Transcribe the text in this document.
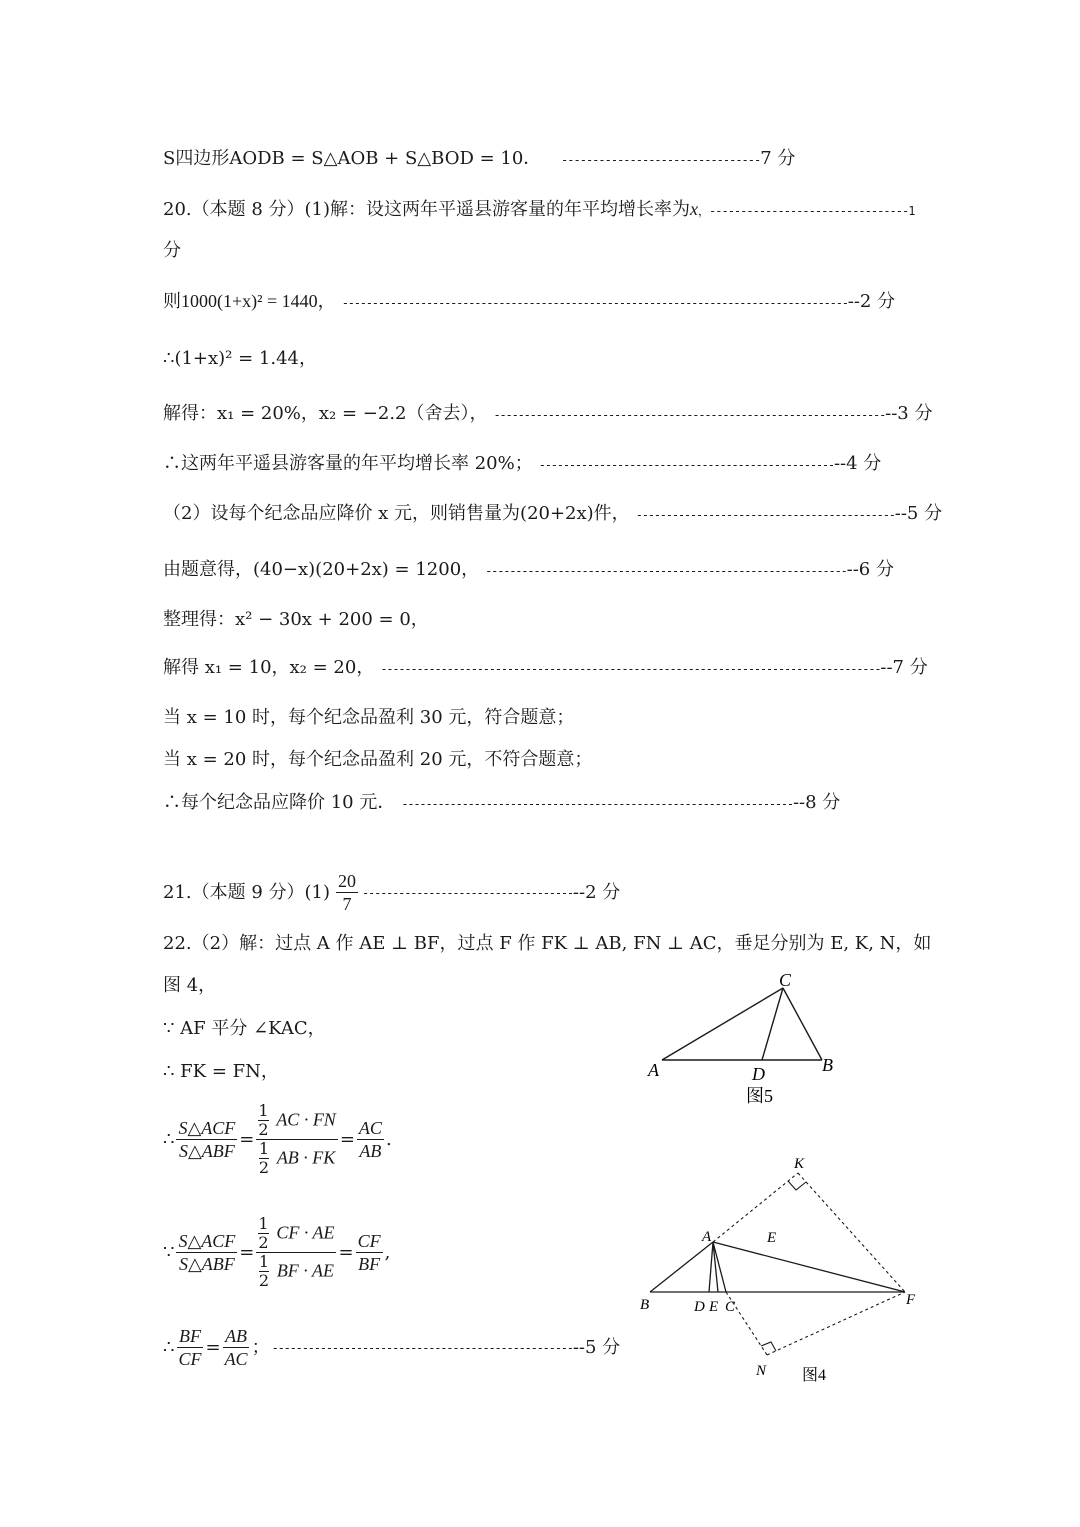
S四边形AODB = S△AOB + S△BOD = 10． --------------------------------7 分
20.（本题 8 分）(1)解：设这两年平遥县游客量的年平均增长率为x，--------------------------------1
分
则1000(1+x)² = 1440， --------------------------------------------------------------------------------------2 分
∴(1+x)² = 1.44，
解得：x₁ = 20%，x₂ = −2.2（舍去）， -------------------------------------------------------------------3 分
∴这两年平遥县游客量的年平均增长率 20%； ---------------------------------------------------4 分
（2）设每个纪念品应降价 x 元，则销售量为(20+2x)件， ---------------------------------------------5 分
由题意得，(40−x)(20+2x) = 1200， --------------------------------------------------------------6 分
整理得：x² − 30x + 200 = 0，
解得 x₁ = 10，x₂ = 20， -------------------------------------------------------------------------------------7 分
当 x = 10 时，每个纪念品盈利 30 元，符合题意；
当 x = 20 时，每个纪念品盈利 20 元，不符合题意；
∴每个纪念品应降价 10 元． -------------------------------------------------------------------8 分
21.（本题 9 分）$(1) \frac{20}{7}$ ----------------------------------- --2 分
22.（2）解：过点 A 作 AE ⊥ BF，过点 F 作 FK ⊥ AB, FN ⊥ AC，垂足分别为 E, K, N，如
图 4，
∵ AF 平分 ∠KAC，
∴ FK = FN，
∴ $\frac{\text{S△ACF}}{\text{S△ABF}} = \frac{\frac{1}{2} AC \cdot FN}{\frac{1}{2} AB \cdot FK} = \frac{AC}{AB}$ .
∵ $\frac{\text{S△ACF}}{\text{S△ABF}} = \frac{\frac{1}{2} CF \cdot AE}{\frac{1}{2} BF \cdot AE} = \frac{CF}{BF}$ ,
∴ $\frac{BF}{CF} = \frac{AB}{AC}$ ； -------------------------------------------------- --5 分
A	B
C
D
图5
A
B	C
D E
E
F
K
N 图4
